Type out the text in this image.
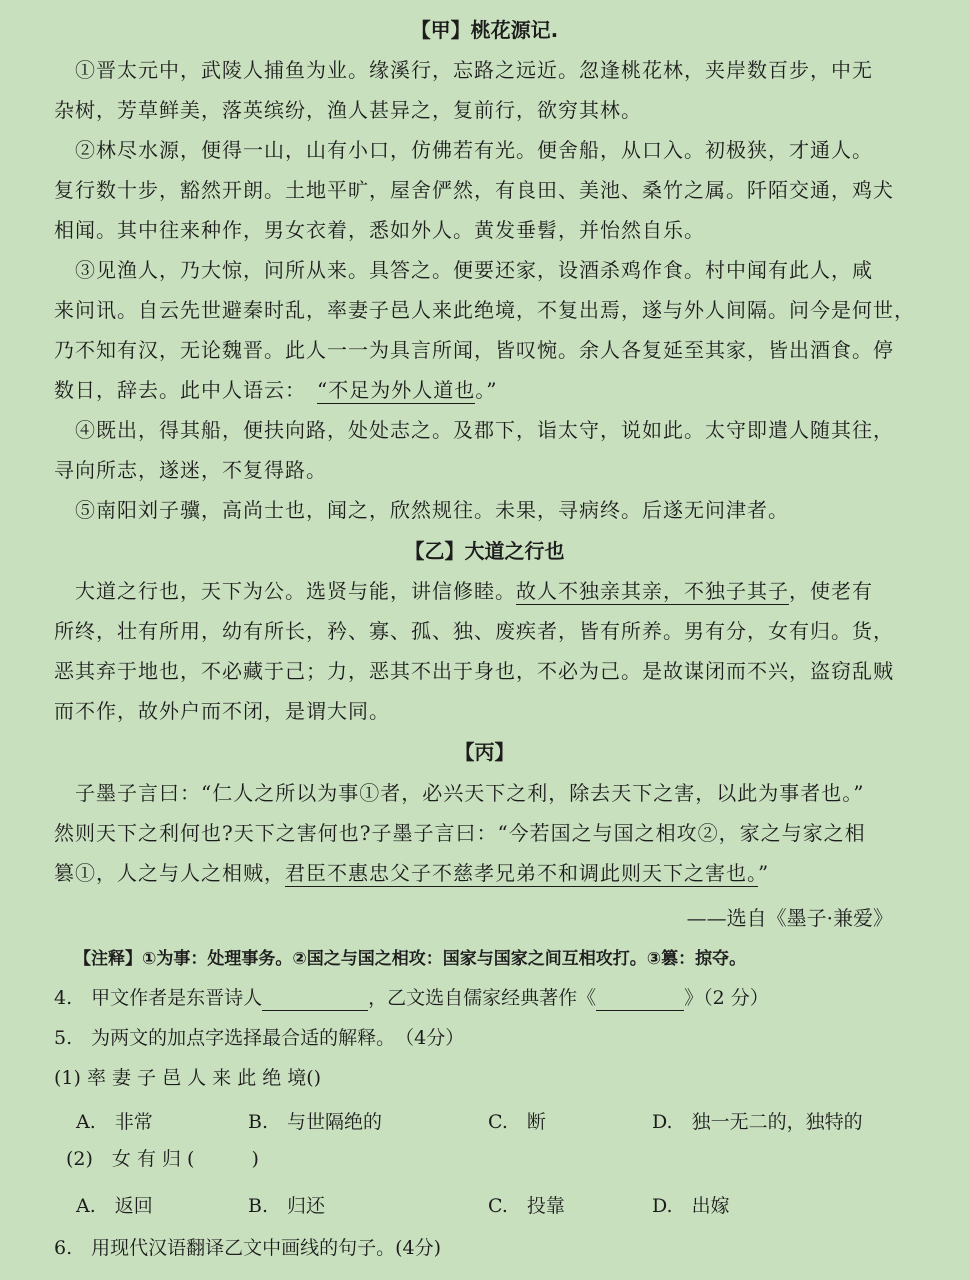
【甲】桃花源记.
　①晋太元中，武陵人捕鱼为业。缘溪行，忘路之远近。忽逢桃花林，夹岸数百步，中无
杂树，芳草鲜美，落英缤纷，渔人甚异之，复前行，欲穷其林。
　②林尽水源，便得一山，山有小口，仿佛若有光。便舍船，从口入。初极狭，才通人。
复行数十步，豁然开朗。土地平旷，屋舍俨然，有良田、美池、桑竹之属。阡陌交通，鸡犬
相闻。其中往来种作，男女衣着，悉如外人。黄发垂髫，并怡然自乐。
　③见渔人，乃大惊，问所从来。具答之。便要还家，设酒杀鸡作食。村中闻有此人，咸
来问讯。自云先世避秦时乱，率妻子邑人来此绝境，不复出焉，遂与外人间隔。问今是何世，
乃不知有汉，无论魏晋。此人一一为具言所闻，皆叹惋。余人各复延至其家，皆出酒食。停
数日，辞去。此中人语云：　“不足为外人道也。”
　④既出，得其船，便扶向路，处处志之。及郡下，诣太守，说如此。太守即遣人随其往，
寻向所志，遂迷，不复得路。
　⑤南阳刘子骥，高尚士也，闻之，欣然规往。未果，寻病终。后遂无问津者。
【乙】大道之行也
　大道之行也，天下为公。选贤与能，讲信修睦。故人不独亲其亲，不独子其子，使老有
所终，壮有所用，幼有所长，矜、寡、孤、独、废疾者，皆有所养。男有分，女有归。货，
恶其弃于地也，不必藏于己；力，恶其不出于身也，不必为己。是故谋闭而不兴，盗窃乱贼
而不作，故外户而不闭，是谓大同。
【丙】
　子墨子言曰：“仁人之所以为事①者，必兴天下之利，除去天下之害，以此为事者也。”
然则天下之利何也?天下之害何也?子墨子言曰：“今若国之与国之相攻②，家之与家之相
篡①，人之与人之相贼，君臣不惠忠父子不慈孝兄弟不和调此则天下之害也。”
——选自《墨子·兼爱》
【注释】①为事：处理事务。②国之与国之相攻：国家与国家之间互相攻打。③篡：掠夺。
4.　甲文作者是东晋诗人	，乙文选自儒家经典著作《	》（2 分）
5.　为两文的加点字选择最合适的解释。　（4分）
(1) 率 妻 子 邑 人 来 此 绝 境()
A.　非常	B.　与世隔绝的	C.　断	D.　独一无二的，独特的
(2)　女 有 归 (　　　)
A.　返回	B.　归还	C.　投靠	D.　出嫁
6.　用现代汉语翻译乙文中画线的句子。(4分)
